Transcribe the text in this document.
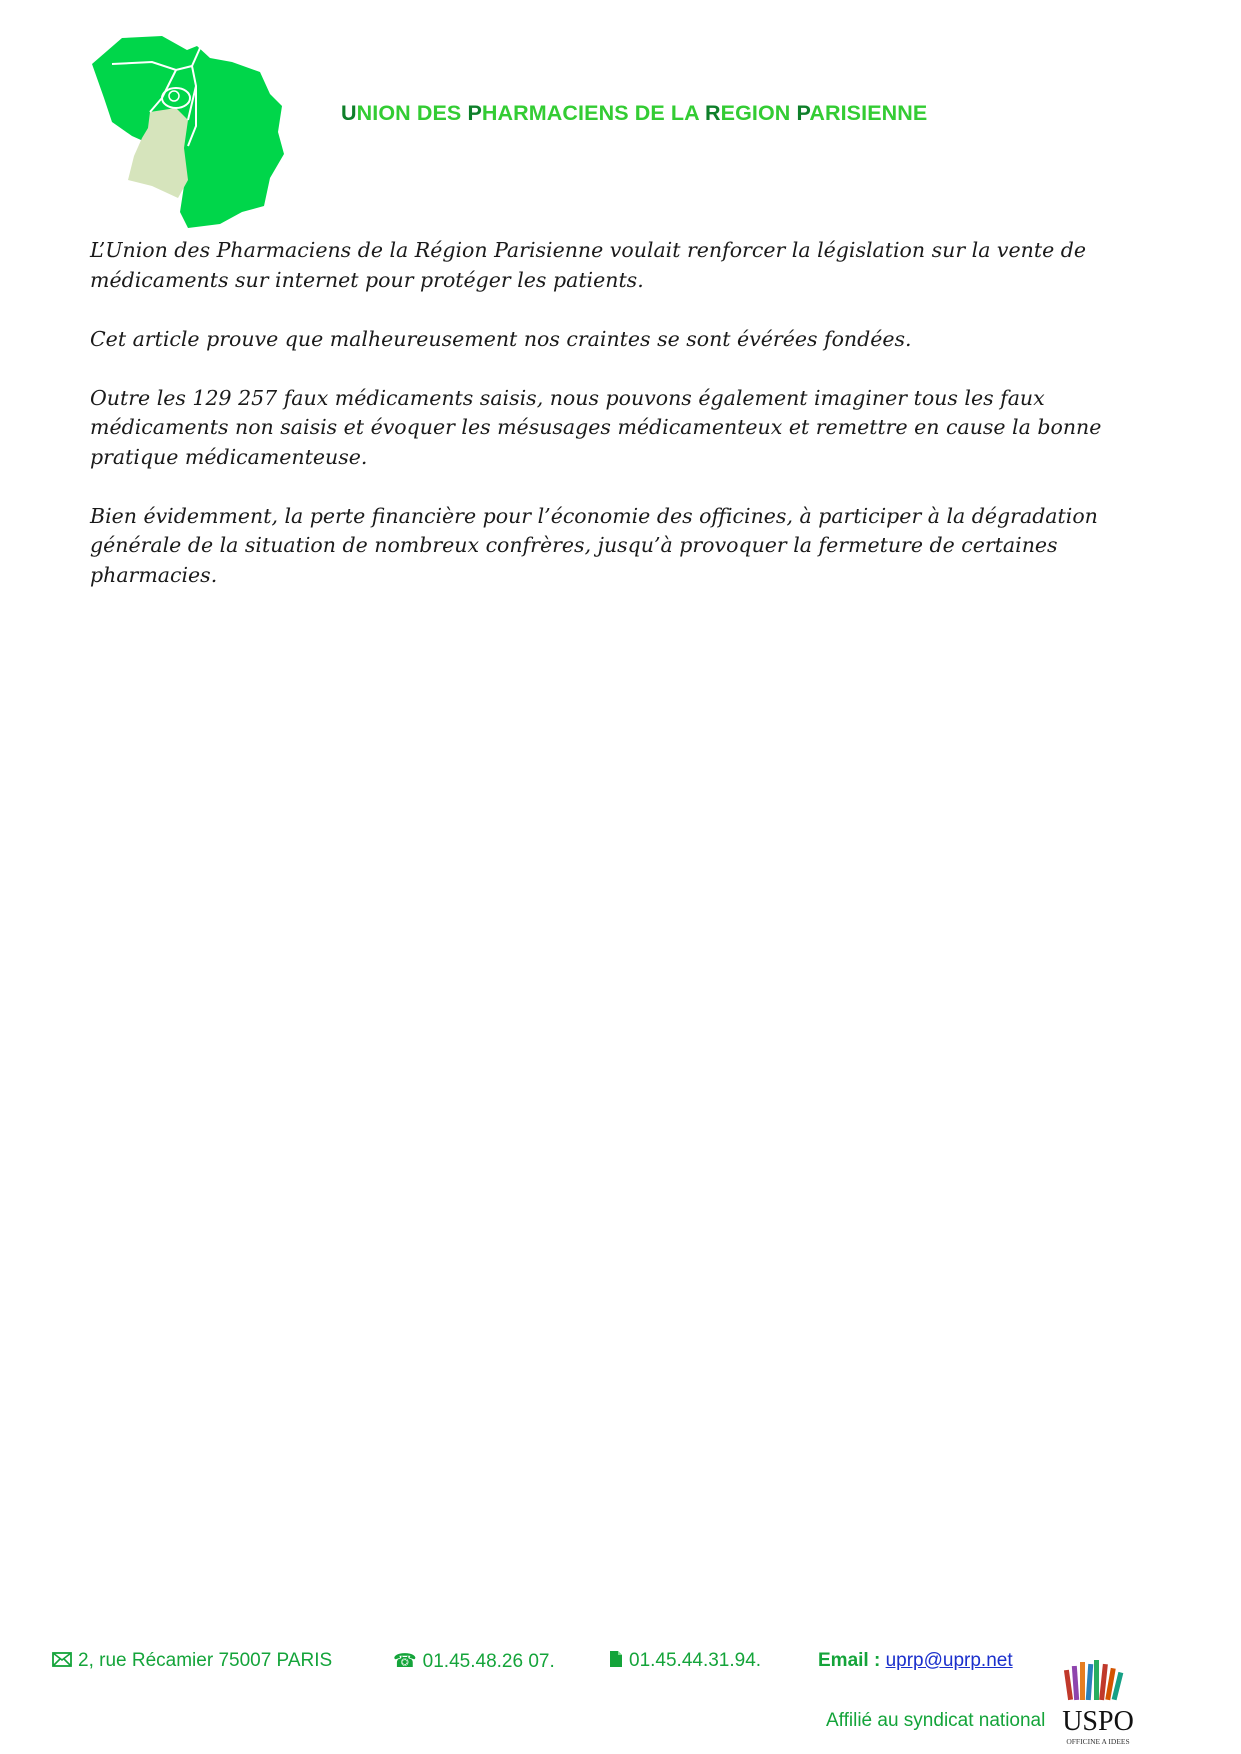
UNION DES PHARMACIENS DE LA REGION PARISIENNE

L’Union des Pharmaciens de la Région Parisienne voulait renforcer la législation sur la vente de médicaments sur internet pour protéger les patients.

Cet article prouve que malheureusement nos craintes se sont évérées fondées.

Outre les 129 257 faux médicaments saisis, nous pouvons également imaginer tous les faux médicaments non saisis et évoquer les mésusages médicamenteux et remettre en cause la bonne pratique médicamenteuse.

Bien évidemment, la perte financière pour l’économie des officines, à participer à la dégradation générale de la situation de nombreux confrères, jusqu’à provoquer la fermeture de certaines pharmacies.

2, rue Récamier 75007 PARIS	☎ 01.45.48.26 07.	01.45.44.31.94.	Email : uprp@uprp.net
Affilié au syndicat national USPO
OFFICINE A IDEES
